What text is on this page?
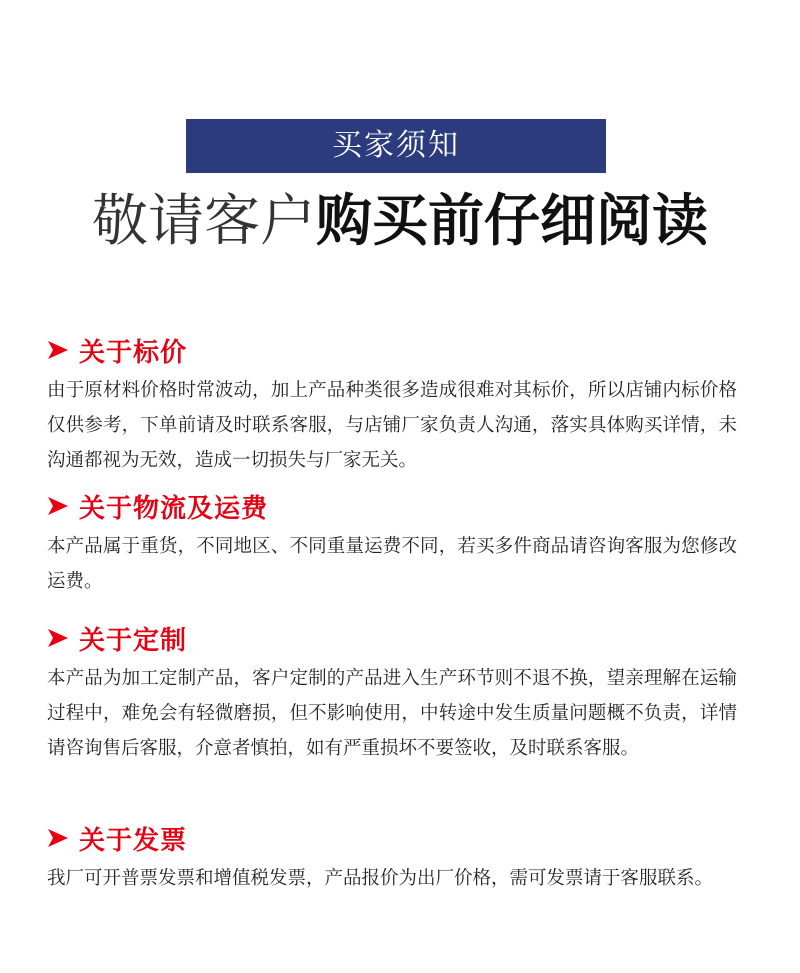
买家须知
敬请客户购买前仔细阅读
关于标价
由于原材料价格时常波动，加上产品种类很多造成很难对其标价，所以店铺内标价格仅供参考，下单前请及时联系客服，与店铺厂家负责人沟通，落实具体购买详情，未沟通都视为无效，造成一切损失与厂家无关。
关于物流及运费
本产品属于重货，不同地区、不同重量运费不同，若买多件商品请咨询客服为您修改运费。
关于定制
本产品为加工定制产品，客户定制的产品进入生产环节则不退不换，望亲理解在运输过程中，难免会有轻微磨损，但不影响使用，中转途中发生质量问题概不负责，详情请咨询售后客服，介意者慎拍，如有严重损坏不要签收，及时联系客服。
关于发票
我厂可开普票发票和增值税发票，产品报价为出厂价格，需可发票请于客服联系。
